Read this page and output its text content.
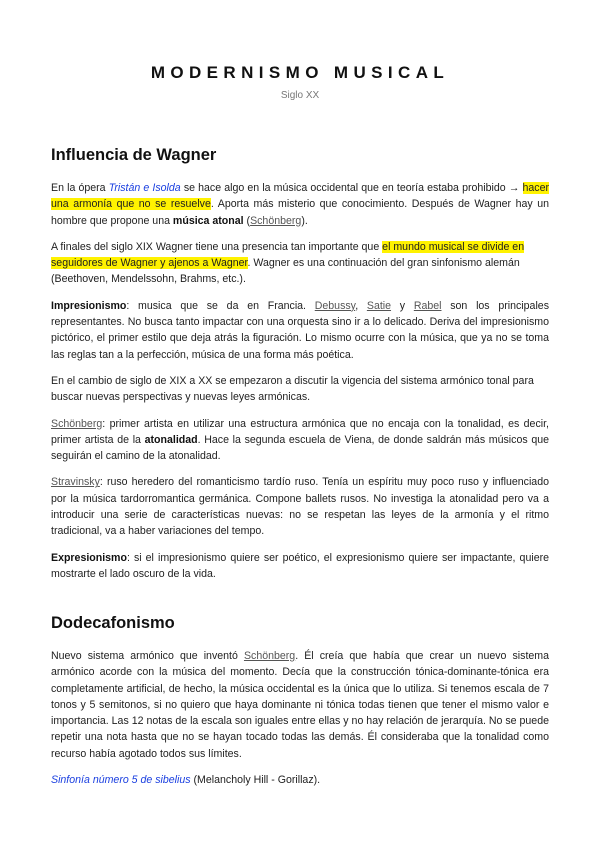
MODERNISMO MUSICAL
Siglo XX
Influencia de Wagner

En la ópera Tristán e Isolda se hace algo en la música occidental que en teoría estaba prohibido → hacer una armonía que no se resuelve. Aporta más misterio que conocimiento. Después de Wagner hay un hombre que propone una música atonal (Schönberg).

A finales del siglo XIX Wagner tiene una presencia tan importante que el mundo musical se divide en seguidores de Wagner y ajenos a Wagner. Wagner es una continuación del gran sinfonismo alemán (Beethoven, Mendelssohn, Brahms, etc.).

Impresionismo: musica que se da en Francia. Debussy, Satie y Rabel son los principales representantes. No busca tanto impactar con una orquesta sino ir a lo delicado. Deriva del impresionismo pictórico, el primer estilo que deja atrás la figuración. Lo mismo ocurre con la música, que ya no se toma las reglas tan a la perfección, música de una forma más poética.

En el cambio de siglo de XIX a XX se empezaron a discutir la vigencia del sistema armónico tonal para buscar nuevas perspectivas y nuevas leyes armónicas.

Schönberg: primer artista en utilizar una estructura armónica que no encaja con la tonalidad, es decir, primer artista de la atonalidad. Hace la segunda escuela de Viena, de donde saldrán más músicos que seguirán el camino de la atonalidad.

Stravinsky: ruso heredero del romanticismo tardío ruso. Tenía un espíritu muy poco ruso y influenciado por la música tardorromantica germánica. Compone ballets rusos. No investiga la atonalidad pero va a introducir una serie de características nuevas: no se respetan las leyes de la armonía y el ritmo tradicional, va a haber variaciones del tempo.

Expresionismo: si el impresionismo quiere ser poético, el expresionismo quiere ser impactante, quiere mostrarte el lado oscuro de la vida.

Dodecafonismo

Nuevo sistema armónico que inventó Schönberg. Él creía que había que crear un nuevo sistema armónico acorde con la música del momento. Decía que la construcción tónica-dominante-tónica era completamente artificial, de hecho, la música occidental es la única que lo utiliza. Si tenemos escala de 7 tonos y 5 semitonos, si no quiero que haya dominante ni tónica todas tienen que tener el mismo valor e importancia. Las 12 notas de la escala son iguales entre ellas y no hay relación de jerarquía. No se puede repetir una nota hasta que no se hayan tocado todas las demás. Él consideraba que la tonalidad como recurso había agotado todos sus límites.

Sinfonía número 5 de sibelius (Melancholy Hill - Gorillaz).
